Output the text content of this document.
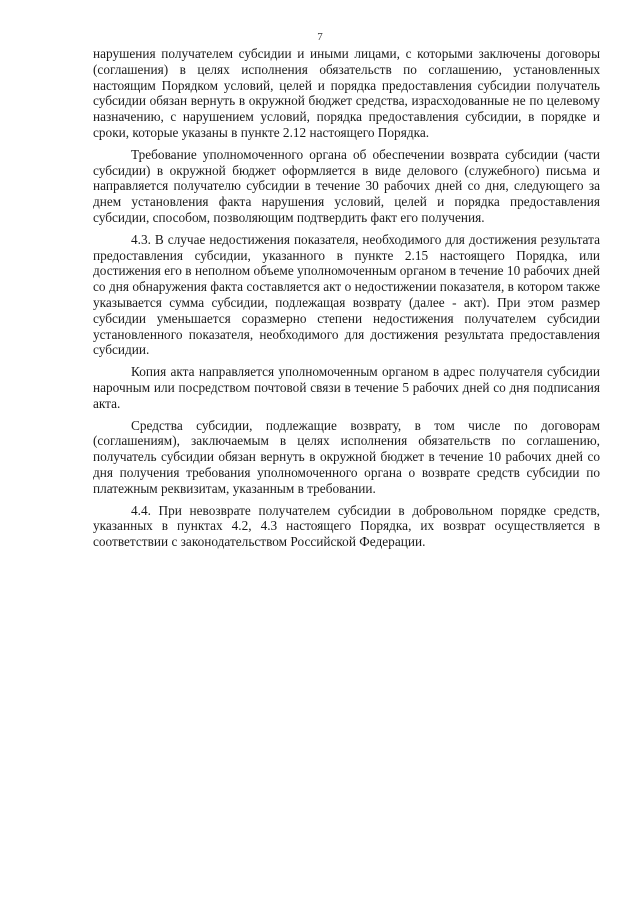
7

нарушения получателем субсидии и иными лицами, с которыми заключены договоры (соглашения) в целях исполнения обязательств по соглашению, установленных настоящим Порядком условий, целей и порядка предоставления субсидии получатель субсидии обязан вернуть в окружной бюджет средства, израсходованные не по целевому назначению, с нарушением условий, порядка предоставления субсидии, в порядке и сроки, которые указаны в пункте 2.12 настоящего Порядка.

Требование уполномоченного органа об обеспечении возврата субсидии (части субсидии) в окружной бюджет оформляется в виде делового (служебного) письма и направляется получателю субсидии в течение 30 рабочих дней со дня, следующего за днем установления факта нарушения условий, целей и порядка предоставления субсидии, способом, позволяющим подтвердить факт его получения.

4.3. В случае недостижения показателя, необходимого для достижения результата предоставления субсидии, указанного в пункте 2.15 настоящего Порядка, или достижения его в неполном объеме уполномоченным органом в течение 10 рабочих дней со дня обнаружения факта составляется акт о недостижении показателя, в котором также указывается сумма субсидии, подлежащая возврату (далее - акт). При этом размер субсидии уменьшается соразмерно степени недостижения получателем субсидии установленного показателя, необходимого для достижения результата предоставления субсидии.

Копия акта направляется уполномоченным органом в адрес получателя субсидии нарочным или посредством почтовой связи в течение 5 рабочих дней со дня подписания акта.

Средства субсидии, подлежащие возврату, в том числе по договорам (соглашениям), заключаемым в целях исполнения обязательств по соглашению, получатель субсидии обязан вернуть в окружной бюджет в течение 10 рабочих дней со дня получения требования уполномоченного органа о возврате средств субсидии по платежным реквизитам, указанным в требовании.

4.4. При невозврате получателем субсидии в добровольном порядке средств, указанных в пунктах 4.2, 4.3 настоящего Порядка, их возврат осуществляется в соответствии с законодательством Российской Федерации.
